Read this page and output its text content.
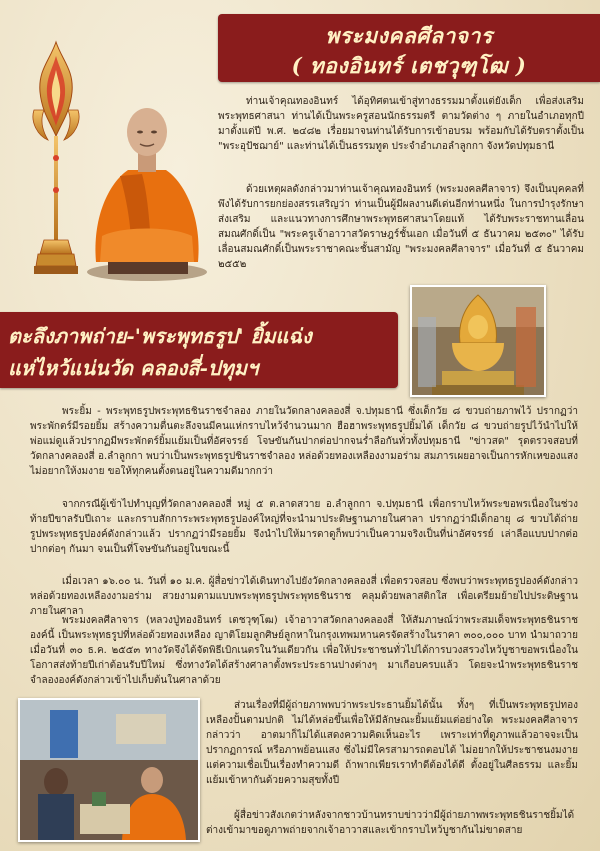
พระมงคลศีลาจาร
( ทองอินทร์ เตชวุฑฺโฒ )

ท่านเจ้าคุณทองอินทร์ ได้อุทิศตนเข้าสู่ทางธรรมมาตั้งแต่ยังเด็ก เพื่อส่งเสริมพระพุทธศาสนา ท่านได้เป็นพระครูสอนนักธรรมตรี ตามวัดต่าง ๆ ภายในอำเภอทุกปี มาตั้งแต่ปี พ.ศ. ๒๔๘๒ เรื่อยมาจนท่านได้รับการเข้าอบรม พร้อมกับได้รับตราตั้งเป็น "พระอุปัชฌาย์" และท่านได้เป็นธรรมทูต ประจำอำเภอลำลูกกา จังหวัดปทุมธานี

ด้วยเหตุผลดังกล่าวมาท่านเจ้าคุณทองอินทร์ (พระมงคลศีลาจาร) จึงเป็นบุคคลที่พึงได้รับการยกย่องสรรเสริญว่า ท่านเป็นผู้มีผลงานดีเด่นอีกท่านหนึ่ง ในการบำรุงรักษา ส่งเสริม และแนวทางการศึกษาพระพุทธศาสนาโดยแท้ ได้รับพระราชทานเลื่อนสมณศักดิ์เป็น "พระครูเจ้าอาวาสวัดราษฎร์ชั้นเอก เมื่อวันที่ ๕ ธันวาคม ๒๕๓๐" ได้รับเลื่อนสมณศักดิ์เป็นพระราชาคณะชั้นสามัญ "พระมงคลศีลาจาร" เมื่อวันที่ ๕ ธันวาคม ๒๕๕๒

ตะลึงภาพถ่าย-'พระพุทธรูป' ยิ้มแฉ่ง
แห่ไหว้แน่นวัด คลองสี่-ปทุมฯ

พระยิ้ม - พระพุทธรูปพระพุทธชินราชจำลอง ภายในวัดกลางคลองสี่ จ.ปทุมธานี ซึ่งเด็กวัย ๘ ขวบถ่ายภาพไว้ ปรากฏว่าพระพักตร์มีรอยยิ้ม สร้างความตื่นตะลึงจนมีคนแห่กราบไหว้จำนวนมาก ฮือฮาพระพุทธรูปยิ้มได้ เด็กวัย ๘ ขวบถ่ายรูปไว้นำไปให้พ่อแม่ดูแล้วปรากฏมีพระพักตร์ยิ้มแย้มเป็นที่อัศจรรย์ โจษขันกันปากต่อปากจนร่ำลือกันทั่วทั้งปทุมธานี "ข่าวสด" รุดตรวจสอบที่วัดกลางคลองสี่ อ.ลำลูกกา พบว่าเป็นพระพุทธรูปชินราชจำลอง หล่อด้วยทองเหลืองงามอร่าม สมภารเผยอาจเป็นการหักเหของแสง ไม่อยากให้งมงาย ขอให้ทุกคนตั้งตนอยู่ในความดีมากกว่า

จากกรณีผู้เข้าไปทำบุญที่วัดกลางคลองสี่ หมู่ ๕ ต.ลาดสวาย อ.ลำลูกกา จ.ปทุมธานี เพื่อกราบไหว้พระขอพรเนื่องในช่วงท้ายปีขาลรับปีเถาะ และกราบสักการะพระพุทธรูปองค์ใหญ่ที่จะนำมาประดิษฐานภายในศาลา ปรากฏว่ามีเด็กอายุ ๘ ขวบได้ถ่ายรูปพระพุทธรูปองค์ดังกล่าวแล้ว ปรากฏว่ามีรอยยิ้ม จึงนำไปให้มารดาดูก็พบว่าเป็นความจริงเป็นที่น่าอัศจรรย์ เล่าลือแบบปากต่อปากต่อๆ กันมา จนเป็นที่โจษขันกันอยู่ในขณะนี้

เมื่อเวลา ๑๖.๐๐ น. วันที่ ๑๐ ม.ค. ผู้สื่อข่าวได้เดินทางไปยังวัดกลางคลองสี่ เพื่อตรวจสอบ ซึ่งพบว่าพระพุทธรูปองค์ดังกล่าวหล่อด้วยทองเหลืองงามอร่าม สวยงามตามแบบพระพุทธรูปพระพุทธชินราช คลุมด้วยพลาสติกใส เพื่อเตรียมย้ายไปประดิษฐานภายในศาลา

พระมงคลศีลาจาร (หลวงปู่ทองอินทร์ เตชวุฑฺโฒ) เจ้าอาวาสวัดกลางคลองสี่ ให้สัมภาษณ์ว่าพระสมเด็จพระพุทธชินราชองค์นี้ เป็นพระพุทธรูปที่หล่อด้วยทองเหลือง ญาติโยมลูกศิษย์ลูกหาในกรุงเทพมหานครจัดสร้างในราคา ๓๐๐,๐๐๐ บาท นำมาถวายเมื่อวันที่ ๓๐ ธ.ค. ๒๕๕๓ ทางวัดจึงได้จัดพิธีเบิกเนตรในวันเดียวกัน เพื่อให้ประชาชนทั่วไปได้การบวงสรวงไหว้บูชาขอพรเนื่องในโอกาสส่งท้ายปีเก่าต้อนรับปีใหม่ ซึ่งทางวัดได้สร้างศาลาตั้งพระประธานปางต่างๆ มาเกือบครบแล้ว โดยจะนำพระพุทธชินราชจำลององค์ดังกล่าวเข้าไปเก็บต้นในศาลาด้วย

ส่วนเรื่องที่มีผู้ถ่ายภาพพบว่าพระประธานยิ้มได้นั้น ทั้งๆ ที่เป็นพระพุทธรูปทองเหลืองปั้นตามปกติ ไม่ได้หล่อขึ้นเพื่อให้มีลักษณะยิ้มแย้มแต่อย่างใด พระมงคลศีลาจาร กล่าวว่า อาตมาก็ไม่ได้แสดงความคิดเห็นอะไร เพราะเท่าที่ดูภาพแล้วอาจจะเป็นปรากฏการณ์ หรือภาพย้อนแสง ซึ่งไม่มีใครสามารถตอบได้ ไม่อยากให้ประชาชนงมงาย แต่ความเชื่อเป็นเรื่องทำความดี ถ้าพากเพียรเราทำดีต้องได้ดี ตั้งอยู่ในศีลธรรม และยิ้มแย้มเข้าหากันด้วยความสุขทั้งปี

ผู้สื่อข่าวสังเกตว่าหลังจากชาวบ้านทราบข่าวว่ามีผู้ถ่ายภาพพระพุทธชินราชยิ้มได้ ต่างเข้ามาขอดูภาพถ่ายจากเจ้าอาวาสและเข้ากราบไหว้บูชากันไม่ขาดสาย
